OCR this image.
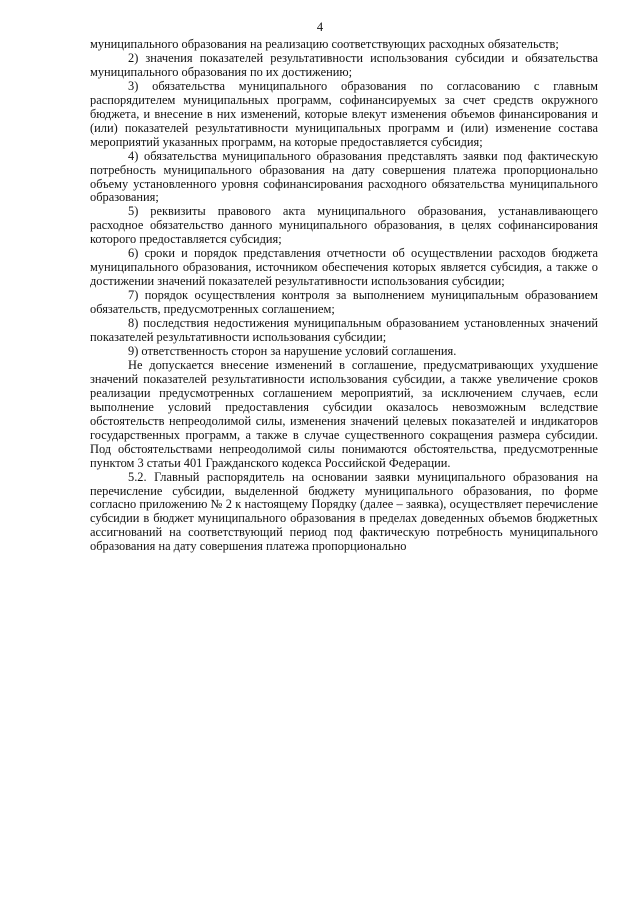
4

муниципального образования на реализацию соответствующих расходных обязательств;

2) значения показателей результативности использования субсидии и обязательства муниципального образования по их достижению;

3) обязательства муниципального образования по согласованию с главным распорядителем муниципальных программ, софинансируемых за счет средств окружного бюджета, и внесение в них изменений, которые влекут изменения объемов финансирования и (или) показателей результативности муниципальных программ и (или) изменение состава мероприятий указанных программ, на которые предоставляется субсидия;

4) обязательства муниципального образования представлять заявки под фактическую потребность муниципального образования на дату совершения платежа пропорционально объему установленного уровня софинансирования расходного обязательства муниципального образования;

5) реквизиты правового акта муниципального образования, устанавливающего расходное обязательство данного муниципального образования, в целях софинансирования которого предоставляется субсидия;

6) сроки и порядок представления отчетности об осуществлении расходов бюджета муниципального образования, источником обеспечения которых является субсидия, а также о достижении значений показателей результативности использования субсидии;

7) порядок осуществления контроля за выполнением муниципальным образованием обязательств, предусмотренных соглашением;

8) последствия недостижения муниципальным образованием установленных значений показателей результативности использования субсидии;

9) ответственность сторон за нарушение условий соглашения.

Не допускается внесение изменений в соглашение, предусматривающих ухудшение значений показателей результативности использования субсидии, а также увеличение сроков реализации предусмотренных соглашением мероприятий, за исключением случаев, если выполнение условий предоставления субсидии оказалось невозможным вследствие обстоятельств непреодолимой силы, изменения значений целевых показателей и индикаторов государственных программ, а также в случае существенного сокращения размера субсидии. Под обстоятельствами непреодолимой силы понимаются обстоятельства, предусмотренные пунктом 3 статьи 401 Гражданского кодекса Российской Федерации.

5.2. Главный распорядитель на основании заявки муниципального образования на перечисление субсидии, выделенной бюджету муниципального образования, по форме согласно приложению № 2 к настоящему Порядку (далее – заявка), осуществляет перечисление субсидии в бюджет муниципального образования в пределах доведенных объемов бюджетных ассигнований на соответствующий период под фактическую потребность муниципального образования на дату совершения платежа пропорционально
